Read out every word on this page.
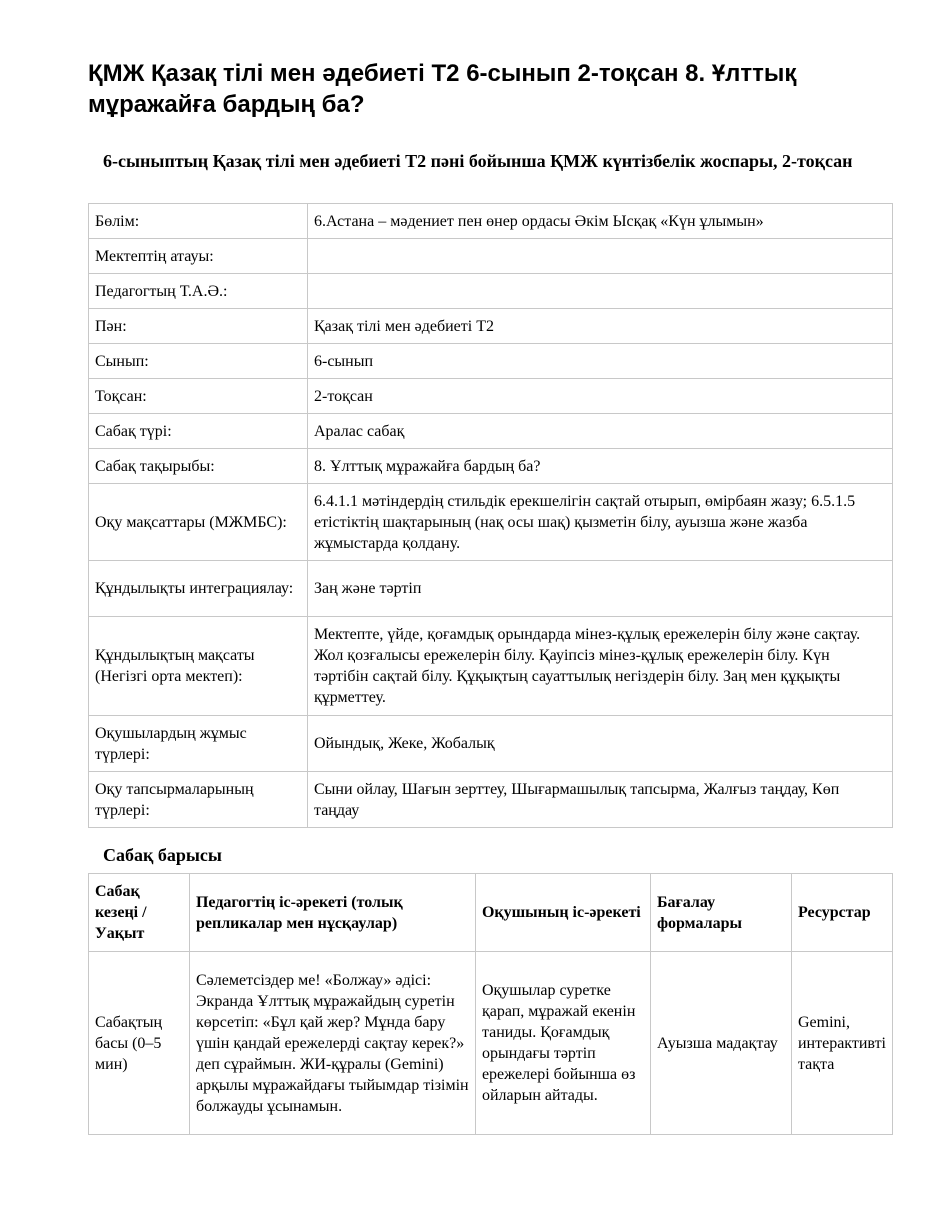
ҚМЖ Қазақ тілі мен әдебиеті Т2 6-сынып 2-тоқсан 8. Ұлттық мұражайға бардың ба?
6-сыныптың Қазақ тілі мен әдебиеті Т2 пәні бойынша ҚМЖ күнтізбелік жоспары, 2-тоқсан
Бөлім:	6.Астана – мәдениет пен өнер ордасы Әкім Ысқақ «Күн ұлымын»
Мектептің атауы:	
Педагогтың Т.А.Ә.:	
Пән:	Қазақ тілі мен әдебиеті Т2
Сынып:	6-сынып
Тоқсан:	2-тоқсан
Сабақ түрі:	Аралас сабақ
Сабақ тақырыбы:	8. Ұлттық мұражайға бардың ба?
Оқу мақсаттары (МЖМБС):	6.4.1.1 мәтіндердің стильдік ерекшелігін сақтай отырып, өмірбаян жазу; 6.5.1.5 етістіктің шақтарының (нақ осы шақ) қызметін білу, ауызша және жазба жұмыстарда қолдану.
Құндылықты интеграциялау:	Заң және тәртіп
Құндылықтың мақсаты (Негізгі орта мектеп):	Мектепте, үйде, қоғамдық орындарда мінез-құлық ережелерін білу және сақтау. Жол қозғалысы ережелерін білу. Қауіпсіз мінез-құлық ережелерін білу. Күн тәртібін сақтай білу. Құқықтың сауаттылық негіздерін білу. Заң мен құқықты құрметтеу.
Оқушылардың жұмыс түрлері:	Ойындық, Жеке, Жобалық
Оқу тапсырмаларының түрлері:	Сыни ойлау, Шағын зерттеу, Шығармашылық тапсырма, Жалғыз таңдау, Көп таңдау
Сабақ барысы
Сабақ кезеңі / Уақыт	Педагогтің іс-әрекеті (толық репликалар мен нұсқаулар)	Оқушының іс-әрекеті	Бағалау формалары	Ресурстар
Сабақтың басы (0–5 мин)	Сәлеметсіздер ме! «Болжау» әдісі: Экранда Ұлттық мұражайдың суретін көрсетіп: «Бұл қай жер? Мұнда бару үшін қандай ережелерді сақтау керек?» деп сұраймын. ЖИ-құралы (Gemini) арқылы мұражайдағы тыйымдар тізімін болжауды ұсынамын.	Оқушылар суретке қарап, мұражай екенін таниды. Қоғамдық орындағы тәртіп ережелері бойынша өз ойларын айтады.	Ауызша мадақтау	Gemini, интерактивті тақта
